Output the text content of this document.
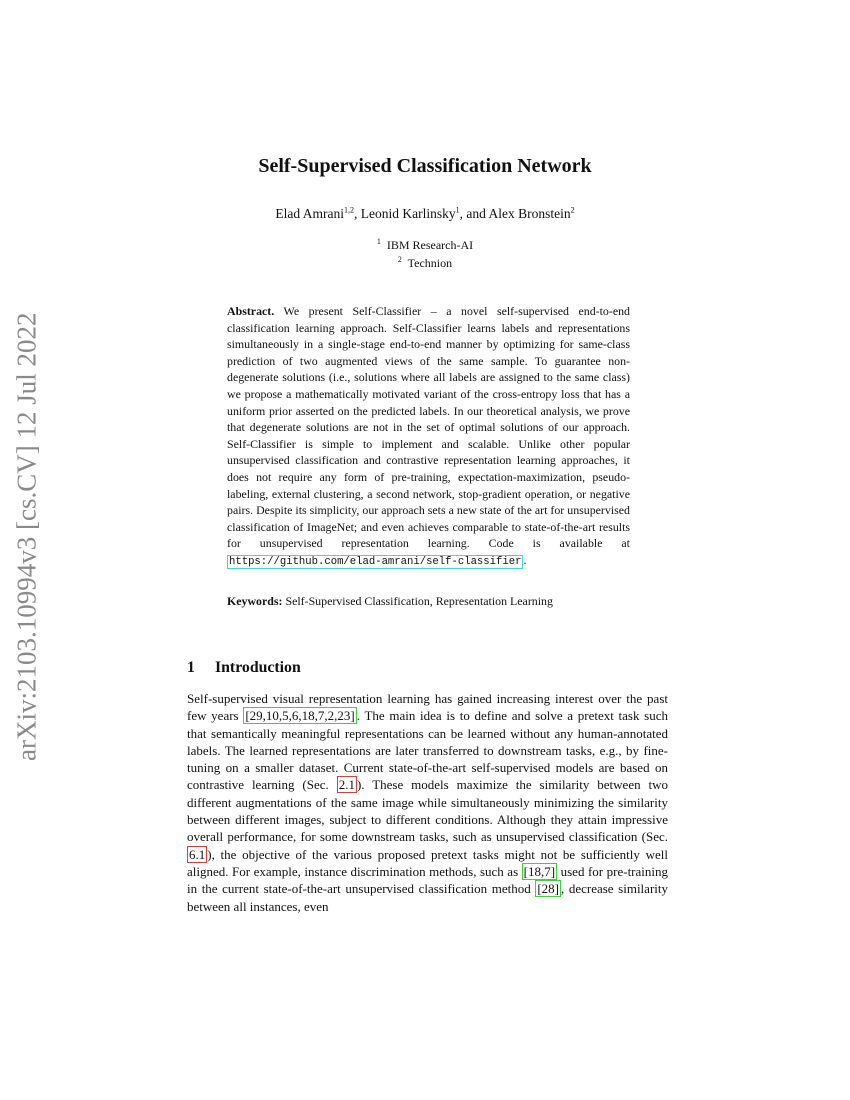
arXiv:2103.10994v3 [cs.CV] 12 Jul 2022
Self-Supervised Classification Network
Elad Amrani$^{1,2}$, Leonid Karlinsky$^1$, and Alex Bronstein$^2$
$^1$ IBM Research-AI
$^2$ Technion
Abstract. We present Self-Classifier – a novel self-supervised end-to-end classification learning approach. Self-Classifier learns labels and representations simultaneously in a single-stage end-to-end manner by optimizing for same-class prediction of two augmented views of the same sample. To guarantee non-degenerate solutions (i.e., solutions where all labels are assigned to the same class) we propose a mathematically motivated variant of the cross-entropy loss that has a uniform prior asserted on the predicted labels. In our theoretical analysis, we prove that degenerate solutions are not in the set of optimal solutions of our approach. Self-Classifier is simple to implement and scalable. Unlike other popular unsupervised classification and contrastive representation learning approaches, it does not require any form of pre-training, expectation-maximization, pseudo-labeling, external clustering, a second network, stop-gradient operation, or negative pairs. Despite its simplicity, our approach sets a new state of the art for unsupervised classification of ImageNet; and even achieves comparable to state-of-the-art results for unsupervised representation learning. Code is available at https://github.com/elad-amrani/self-classifier .
Keywords: Self-Supervised Classification, Representation Learning
1 Introduction
Self-supervised visual representation learning has gained increasing interest over the past few years [29,10,5,6,18,7,2,23] . The main idea is to define and solve a pretext task such that semantically meaningful representations can be learned without any human-annotated labels. The learned representations are later transferred to downstream tasks, e.g., by fine-tuning on a smaller dataset. Current state-of-the-art self-supervised models are based on contrastive learning (Sec. 2.1 ). These models maximize the similarity between two different augmentations of the same image while simultaneously minimizing the similarity between different images, subject to different conditions. Although they attain impressive overall performance, for some downstream tasks, such as unsupervised classification (Sec. 6.1 ), the objective of the various proposed pretext tasks might not be sufficiently well aligned. For example, instance discrimination methods, such as [18,7] used for pre-training in the current state-of-the-art unsupervised classification method [28] , decrease similarity between all instances, even
